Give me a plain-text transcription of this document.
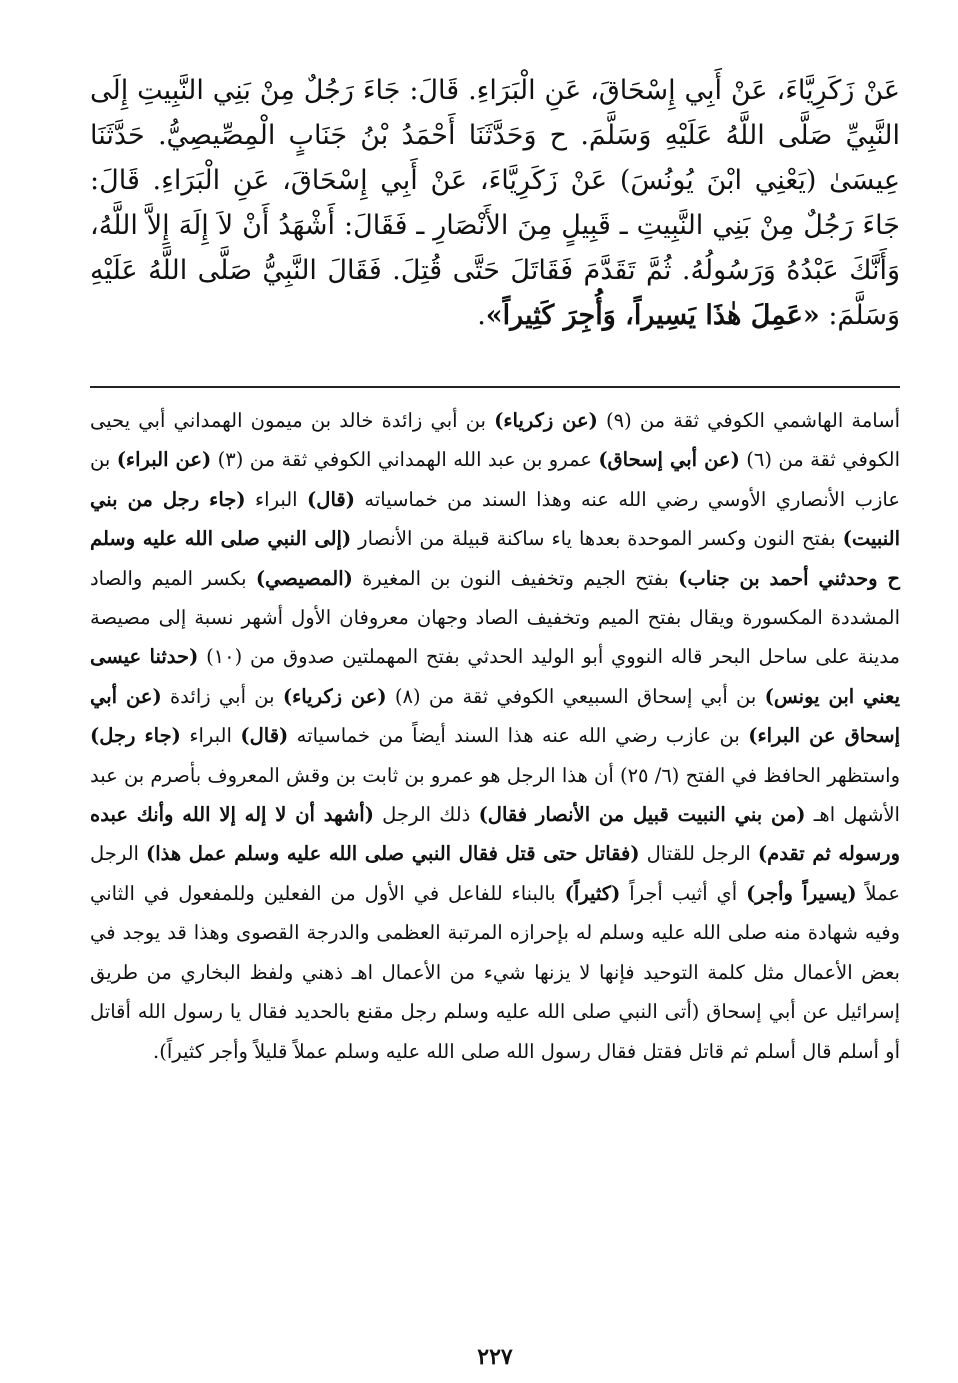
عَنْ زَكَرِيَّاءَ، عَنْ أَبِي إِسْحَاقَ، عَنِ الْبَرَاءِ. قَالَ: جَاءَ رَجُلٌ مِنْ بَنِي النَّبِيتِ إِلَى النَّبِيِّ صَلَّى اللَّهُ عَلَيْهِ وَسَلَّمَ. ح وَحَدَّثَنَا أَحْمَدُ بْنُ جَنَابٍ الْمِصِّيصِيُّ. حَدَّثَنَا عِيسَىٰ (يَعْنِي ابْنَ يُونُسَ) عَنْ زَكَرِيَّاءَ، عَنْ أَبِي إِسْحَاقَ، عَنِ الْبَرَاءِ. قَالَ: جَاءَ رَجُلٌ مِنْ بَنِي النَّبِيتِ ـ قَبِيلٍ مِنَ الأَنْصَارِ ـ فَقَالَ: أَشْهَدُ أَنْ لاَ إِلَهَ إِلاَّ اللَّهُ، وَأَنَّكَ عَبْدُهُ وَرَسُولُهُ. ثُمَّ تَقَدَّمَ فَقَاتَلَ حَتَّى قُتِلَ. فَقَالَ النَّبِيُّ صَلَّى اللَّهُ عَلَيْهِ وَسَلَّمَ: «عَمِلَ هٰذَا يَسِيراً، وَأُجِرَ كَثِيراً».

أسامة الهاشمي الكوفي ثقة من (٩) (عن زكرياء) بن أبي زائدة خالد بن ميمون الهمداني أبي يحيى الكوفي ثقة من (٦) (عن أبي إسحاق) عمرو بن عبد الله الهمداني الكوفي ثقة من (٣) (عن البراء) بن عازب الأنصاري الأوسي رضي الله عنه وهذا السند من خماسياته (قال) البراء (جاء رجل من بني النبيت) بفتح النون وكسر الموحدة بعدها ياء ساكنة قبيلة من الأنصار (إلى النبي صلى الله عليه وسلم ح وحدثني أحمد بن جناب) بفتح الجيم وتخفيف النون بن المغيرة (المصيصي) بكسر الميم والصاد المشددة المكسورة ويقال بفتح الميم وتخفيف الصاد وجهان معروفان الأول أشهر نسبة إلى مصيصة مدينة على ساحل البحر قاله النووي أبو الوليد الحدثي بفتح المهملتين صدوق من (١٠) (حدثنا عيسى يعني ابن يونس) بن أبي إسحاق السبيعي الكوفي ثقة من (٨) (عن زكرياء) بن أبي زائدة (عن أبي إسحاق عن البراء) بن عازب رضي الله عنه هذا السند أيضاً من خماسياته (قال) البراء (جاء رجل) واستظهر الحافظ في الفتح (٦/ ٢٥) أن هذا الرجل هو عمرو بن ثابت بن وقش المعروف بأصرم بن عبد الأشهل اهـ (من بني النبيت قبيل من الأنصار فقال) ذلك الرجل (أشهد أن لا إله إلا الله وأنك عبده ورسوله ثم تقدم) الرجل للقتال (فقاتل حتى قتل فقال النبي صلى الله عليه وسلم عمل هذا) الرجل عملاً (يسيراً وأجر) أي أثيب أجراً (كثيراً) بالبناء للفاعل في الأول من الفعلين وللمفعول في الثاني وفيه شهادة منه صلى الله عليه وسلم له بإحرازه المرتبة العظمى والدرجة القصوى وهذا قد يوجد في بعض الأعمال مثل كلمة التوحيد فإنها لا يزنها شيء من الأعمال اهـ ذهني ولفظ البخاري من طريق إسرائيل عن أبي إسحاق (أتى النبي صلى الله عليه وسلم رجل مقنع بالحديد فقال يا رسول الله أقاتل أو أسلم قال أسلم ثم قاتل فقتل فقال رسول الله صلى الله عليه وسلم عملاً قليلاً وأجر كثيراً).

٢٢٧
